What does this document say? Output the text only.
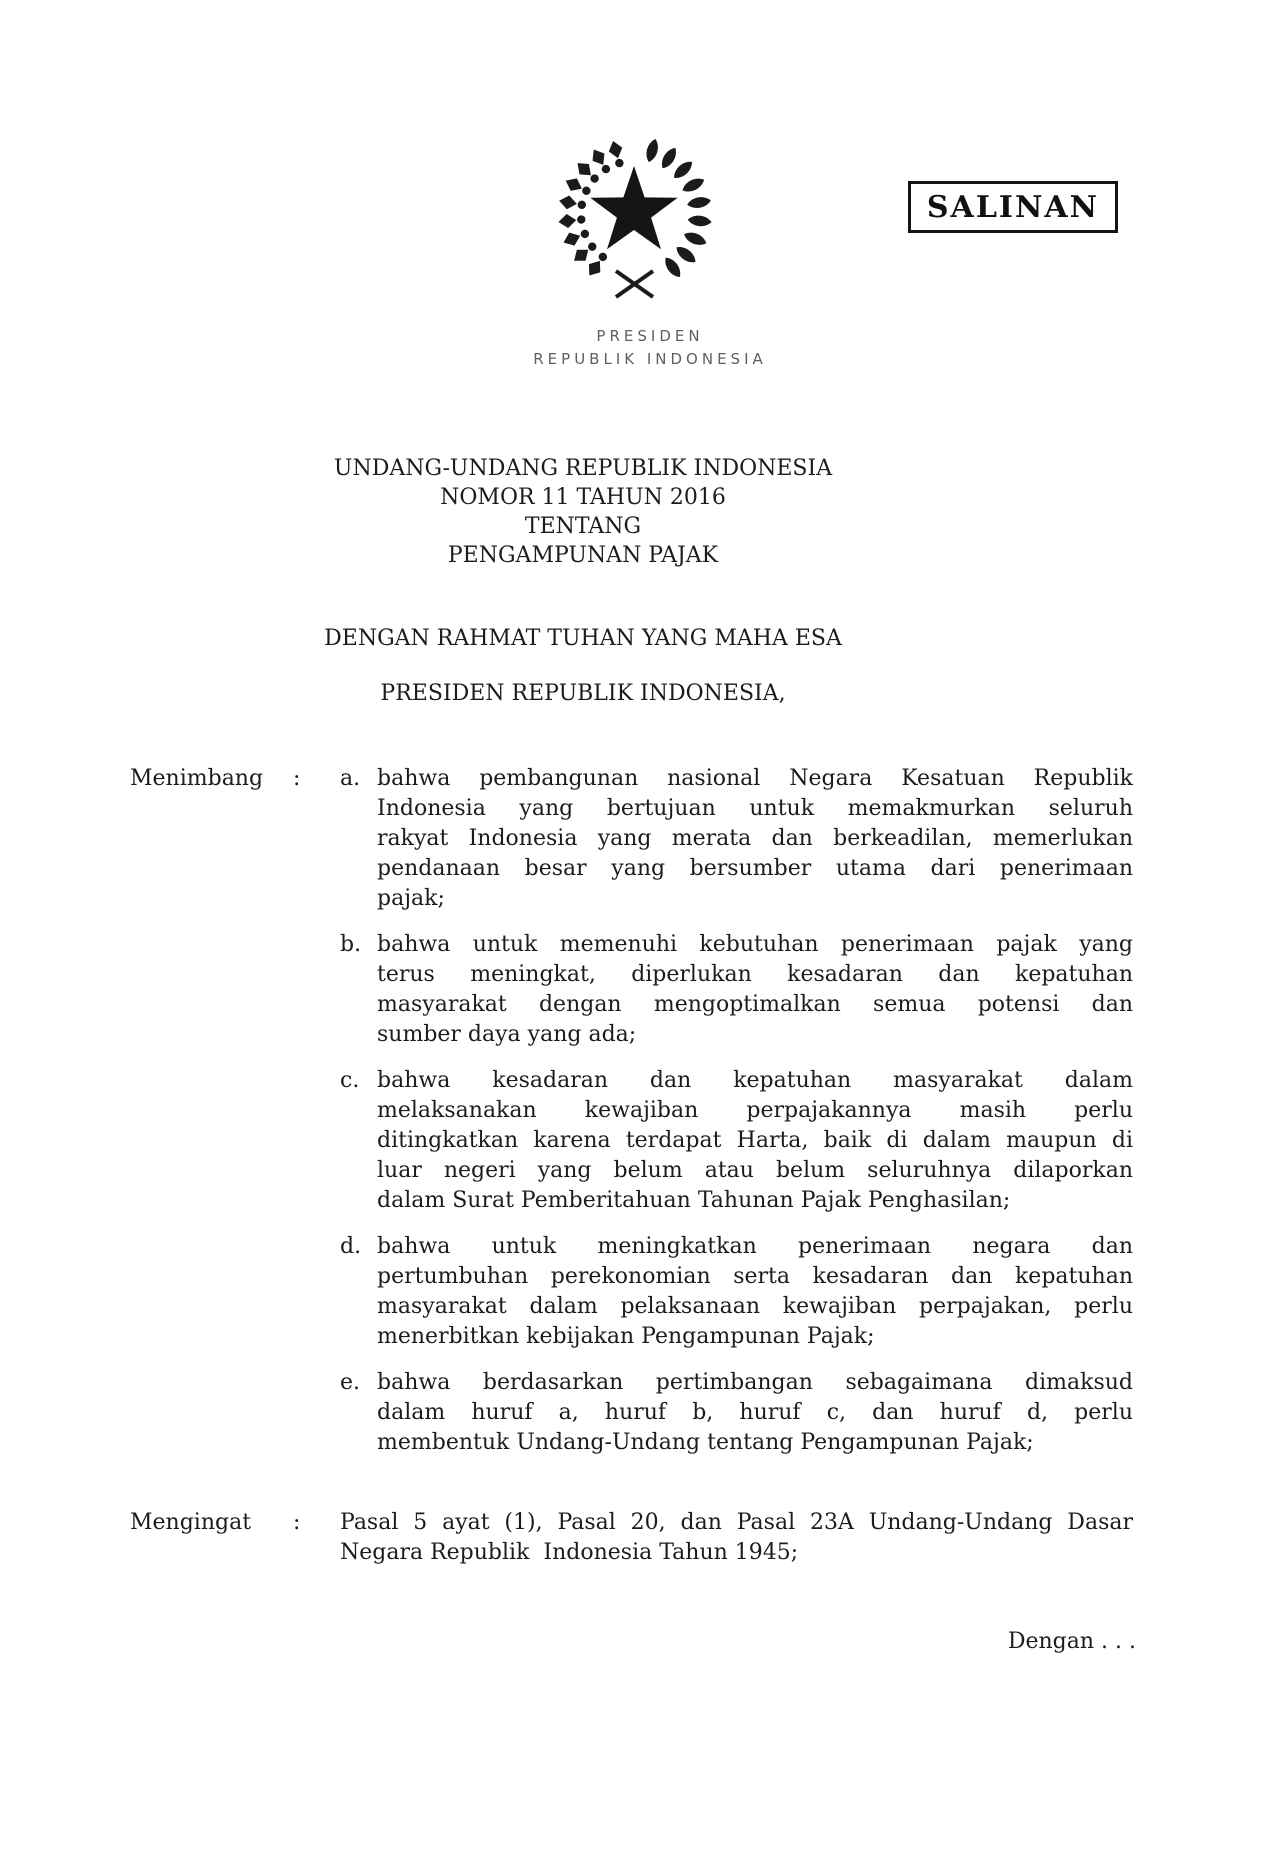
SALINAN
PRESIDEN
REPUBLIK INDONESIA
UNDANG-UNDANG REPUBLIK INDONESIA
NOMOR 11 TAHUN 2016
TENTANG
PENGAMPUNAN PAJAK
DENGAN RAHMAT TUHAN YANG MAHA ESA
PRESIDEN REPUBLIK INDONESIA,
Menimbang	:	a. bahwa pembangunan nasional Negara Kesatuan Republik
Indonesia yang bertujuan untuk memakmurkan seluruh
rakyat Indonesia yang merata dan berkeadilan, memerlukan
pendanaan besar yang bersumber utama dari penerimaan
pajak;
b. bahwa untuk memenuhi kebutuhan penerimaan pajak yang
terus meningkat, diperlukan kesadaran dan kepatuhan
masyarakat dengan mengoptimalkan semua potensi dan
sumber daya yang ada;
c. bahwa kesadaran dan kepatuhan masyarakat dalam
melaksanakan kewajiban perpajakannya masih perlu
ditingkatkan karena terdapat Harta, baik di dalam maupun di
luar negeri yang belum atau belum seluruhnya dilaporkan
dalam Surat Pemberitahuan Tahunan Pajak Penghasilan;
d. bahwa untuk meningkatkan penerimaan negara dan
pertumbuhan perekonomian serta kesadaran dan kepatuhan
masyarakat dalam pelaksanaan kewajiban perpajakan, perlu
menerbitkan kebijakan Pengampunan Pajak;
e. bahwa berdasarkan pertimbangan sebagaimana dimaksud
dalam huruf a, huruf b, huruf c, dan huruf d, perlu
membentuk Undang-Undang tentang Pengampunan Pajak;
Mengingat	:	Pasal 5 ayat (1), Pasal 20, dan Pasal 23A Undang-Undang Dasar
Negara Republik  Indonesia Tahun 1945;
Dengan . . .
